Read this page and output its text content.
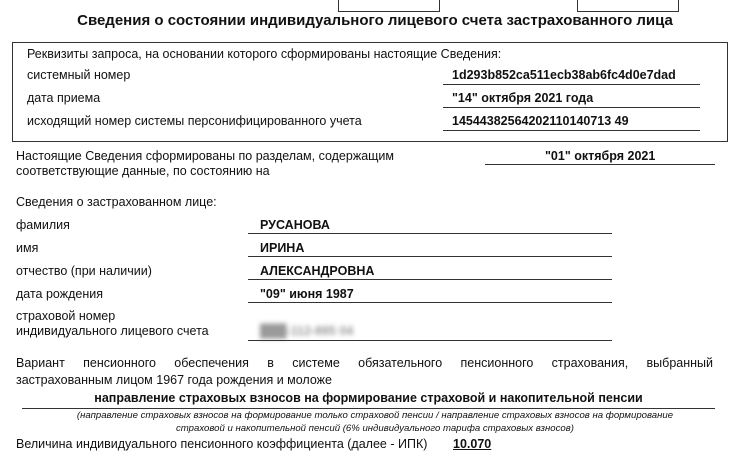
Сведения о состоянии индивидуального лицевого счета застрахованного лица
Реквизиты запроса, на основании которого сформированы настоящие Сведения:
системный номер	1d293b852ca511ecb38ab6fc4d0e7dad
дата приема	"14" октября 2021 года
исходящий номер системы персонифицированного учета	14544382564202110140713 49
Настоящие Сведения сформированы по разделам, содержащим
соответствующие данные, по состоянию на
"01" октября 2021
Сведения о застрахованном лице:
фамилия	РУСАНОВА
имя	ИРИНА
отчество (при наличии)	АЛЕКСАНДРОВНА
дата рождения	"09" июня 1987
страховой номер
индивидуального лицевого счета	███-112-885 04
Вариант пенсионного обеспечения в системе обязательного пенсионного страхования, выбранный
застрахованным лицом 1967 года рождения и моложе
направление страховых взносов на формирование страховой и накопительной пенсии
(направление страховых взносов на формирование только страховой пенсии / направление страховых взносов на формирование
страховой и накопительной пенсий (6% индивидуального тарифа страховых взносов)
Величина индивидуального пенсионного коэффициента (далее - ИПК) 10.070
